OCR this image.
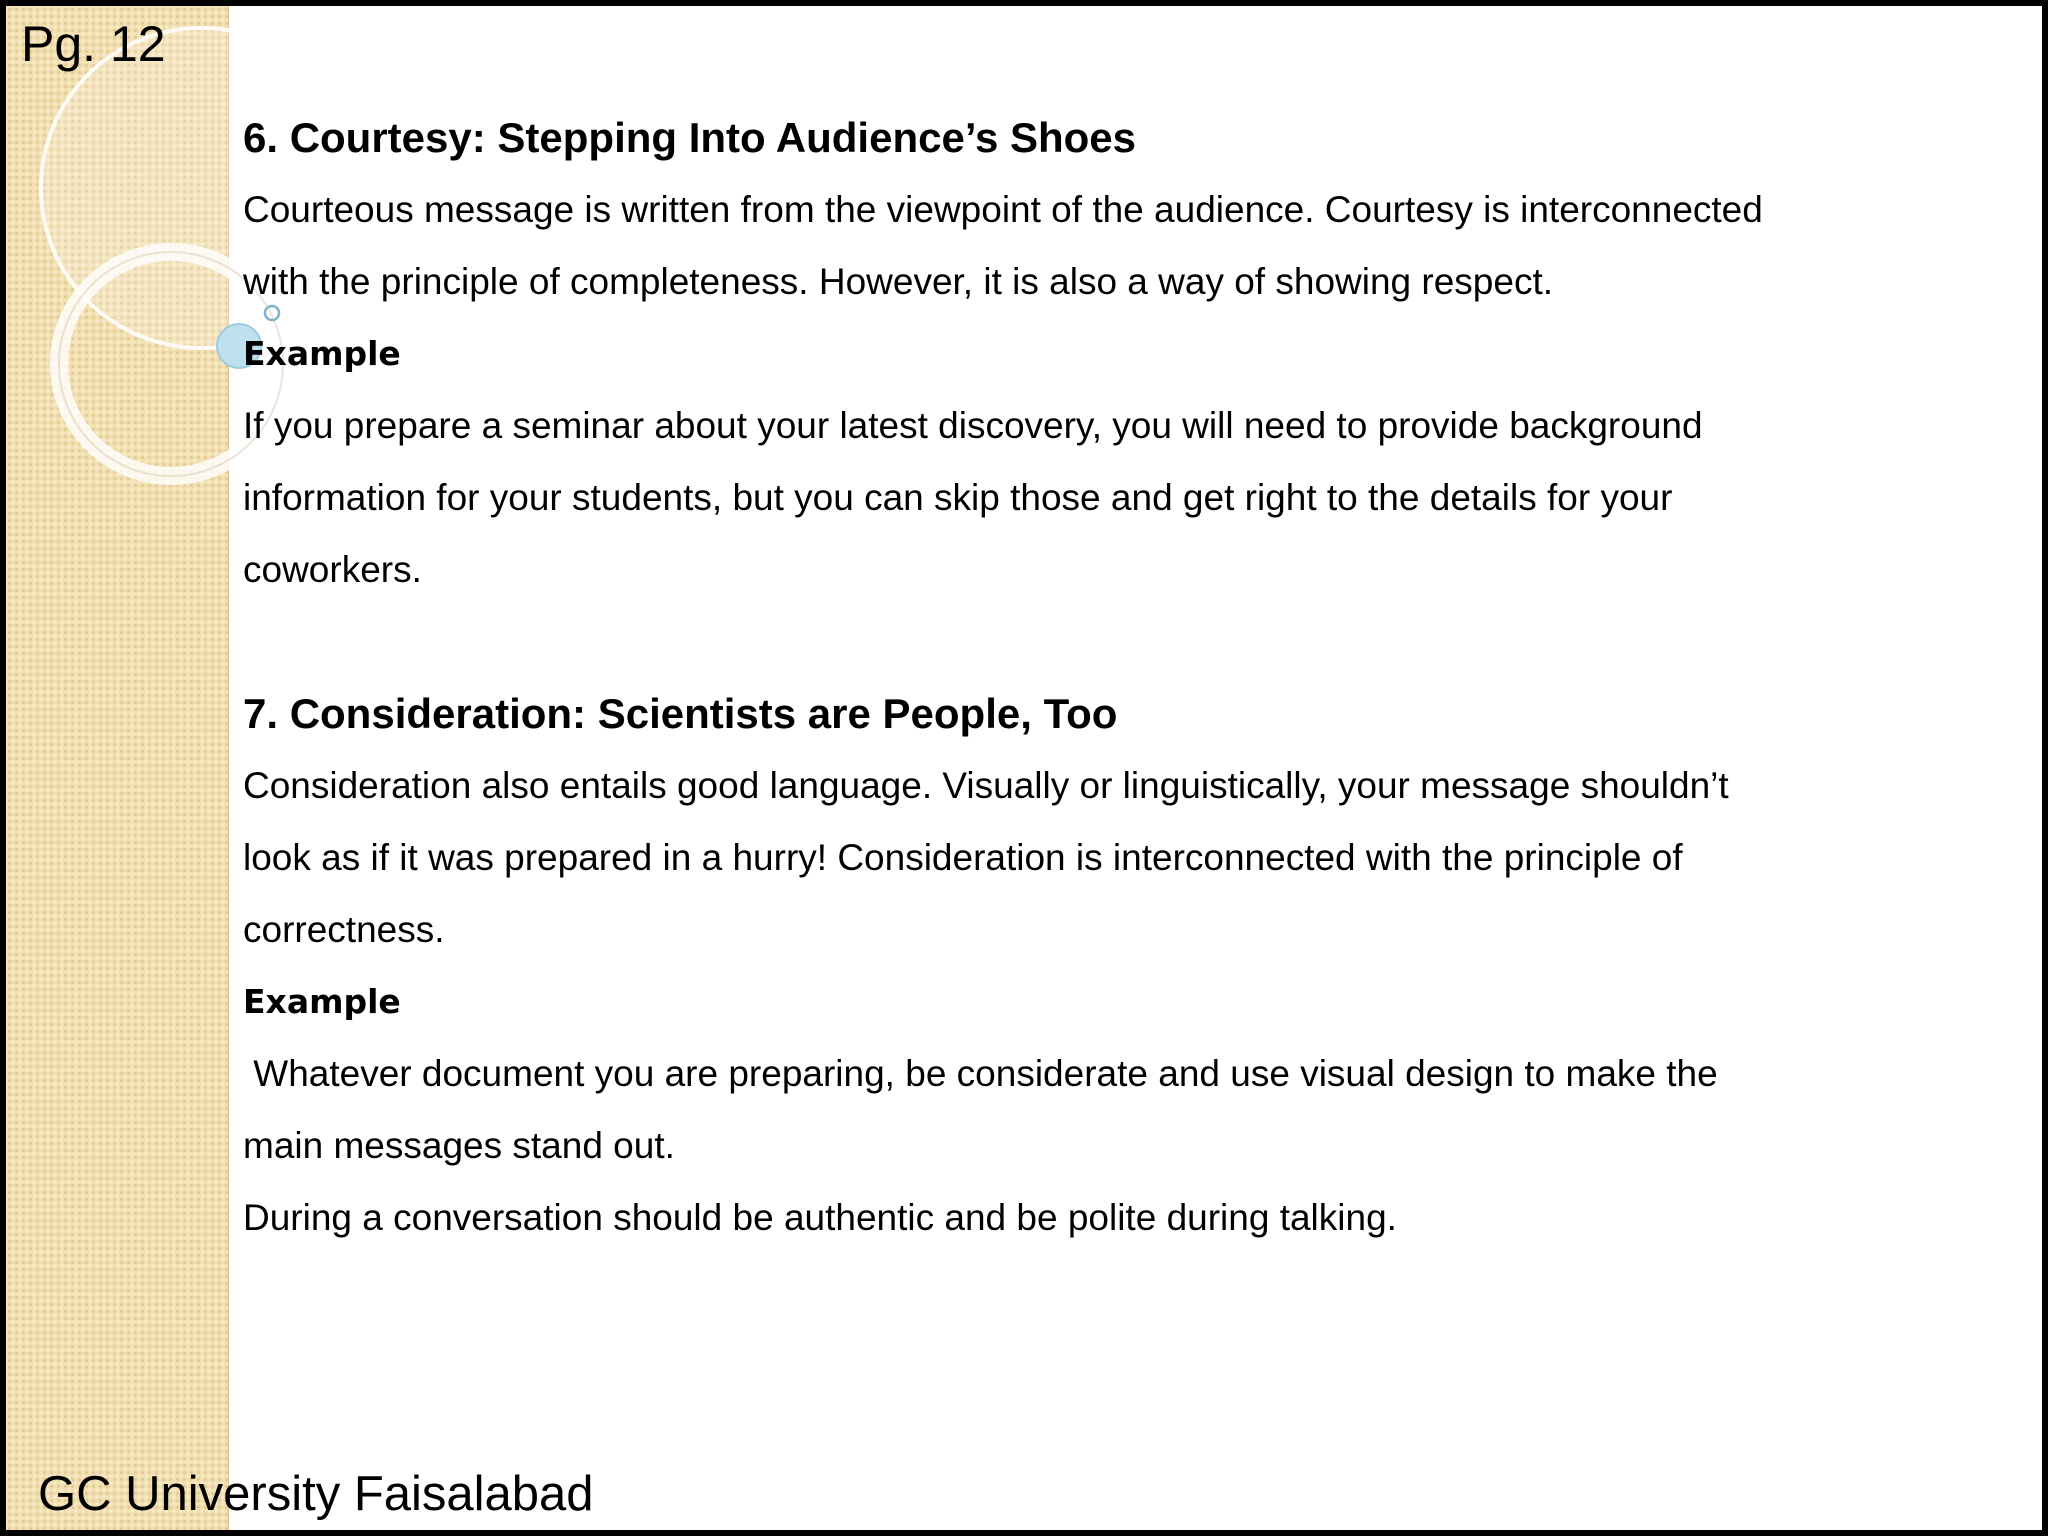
Pg. 12

6. Courtesy: Stepping Into Audience’s Shoes

Courteous message is written from the viewpoint of the audience. Courtesy is interconnected

with the principle of completeness. However, it is also a way of showing respect.

Example

If you prepare a seminar about your latest discovery, you will need to provide background

information for your students, but you can skip those and get right to the details for your

coworkers.

7. Consideration: Scientists are People, Too

Consideration also entails good language. Visually or linguistically, your message shouldn’t

look as if it was prepared in a hurry! Consideration is interconnected with the principle of

correctness.

Example

Whatever document you are preparing, be considerate and use visual design to make the

main messages stand out.

During a conversation should be authentic and be polite during talking.

GC University Faisalabad
